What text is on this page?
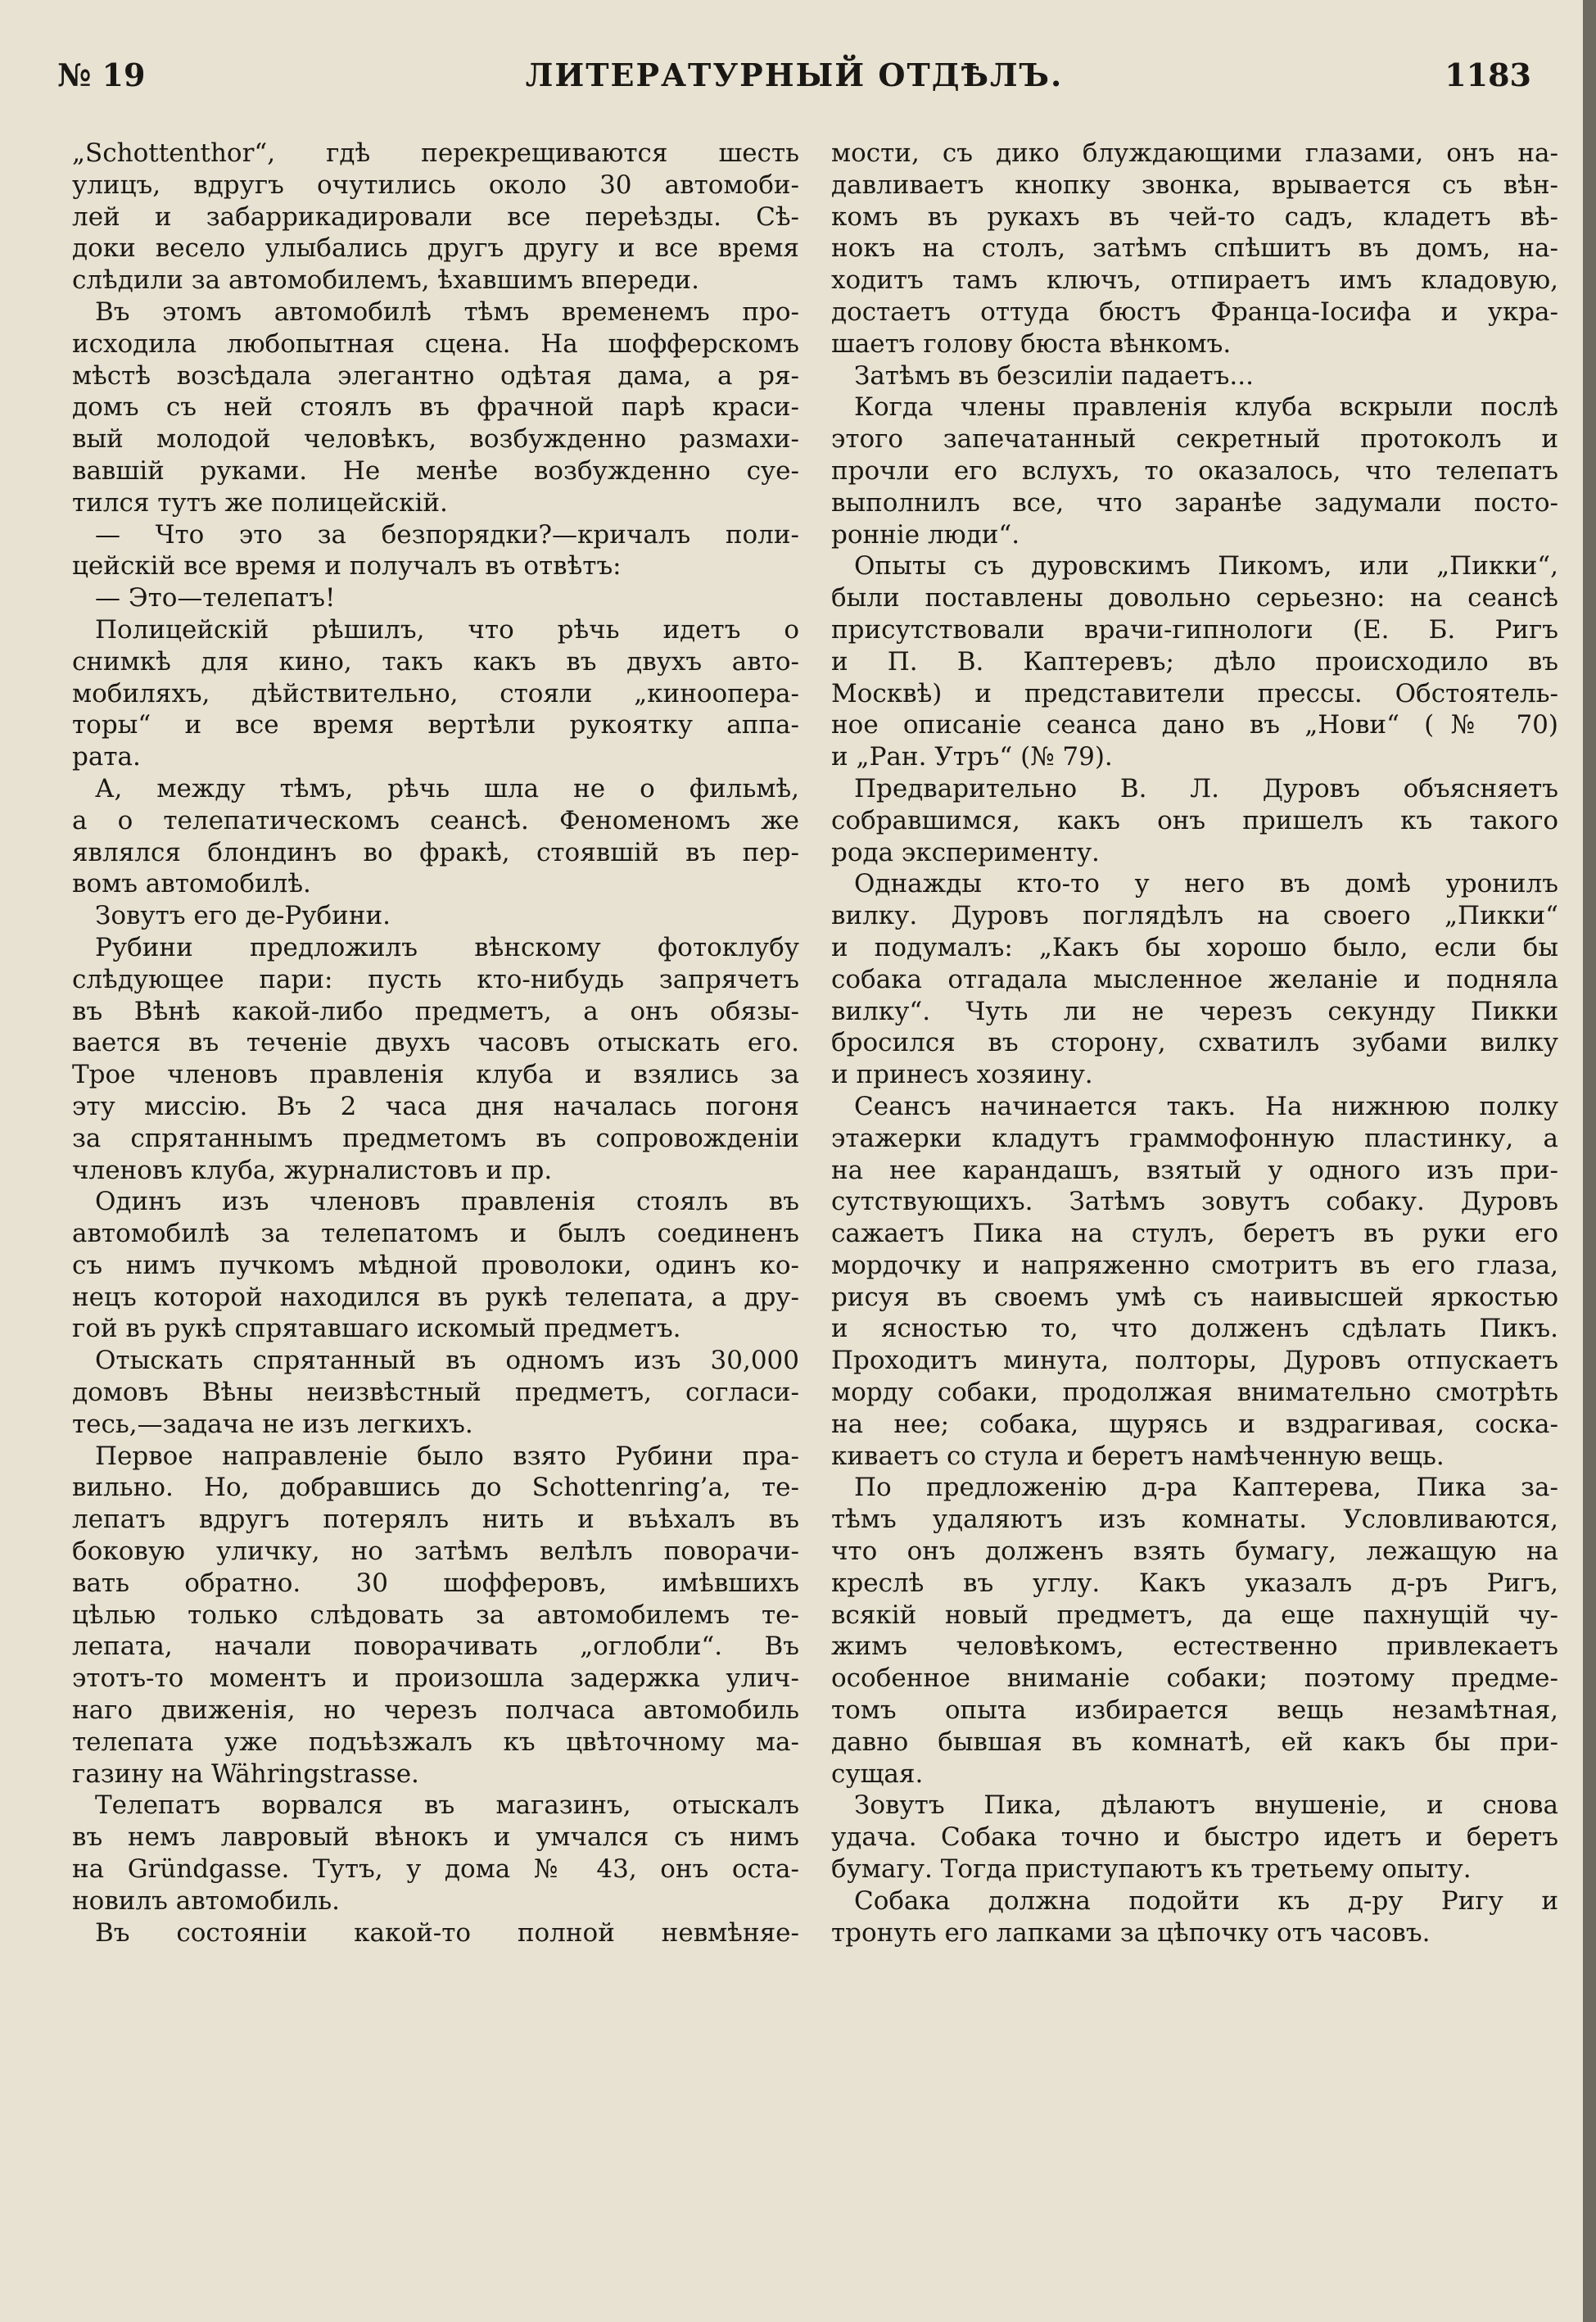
ЛИТЕРАТУРНЫЙ ОТДѢЛЪ.
№ 19	1183
„Schottenthor“, гдѣ перекрещиваются шесть
улицъ, вдругъ очутились около 30 автомоби-
лей и забаррикадировали все переѣзды. Сѣ-
доки весело улыбались другъ другу и все время
слѣдили за автомобилемъ, ѣхавшимъ впереди.
Въ этомъ автомобилѣ тѣмъ временемъ про-
исходила любопытная сцена. На шофферскомъ
мѣстѣ возсѣдала элегантно одѣтая дама, а ря-
домъ съ ней стоялъ въ фрачной парѣ краси-
вый молодой человѣкъ, возбужденно размахи-
вавшій руками. Не менѣе возбужденно суе-
тился тутъ же полицейскій.
— Что это за безпорядки?—кричалъ поли-
цейскій все время и получалъ въ отвѣтъ:
— Это—телепатъ!
Полицейскій рѣшилъ, что рѣчь идетъ о
снимкѣ для кино, такъ какъ въ двухъ авто-
мобиляхъ, дѣйствительно, стояли „кинооперa-
торы“ и все время вертѣли рукоятку аппа-
рата.
А, между тѣмъ, рѣчь шла не о фильмѣ,
а о телепатическомъ сеансѣ. Феноменомъ же
являлся блондинъ во фракѣ, стоявшій въ пер-
вомъ автомобилѣ.
Зовутъ его де-Рубини.
Рубини предложилъ вѣнскому фотоклубу
слѣдующее пари: пусть кто-нибудь запрячетъ
въ Вѣнѣ какой-либо предметъ, а онъ обязы-
вается въ теченіе двухъ часовъ отыскать его.
Трое членовъ правленія клуба и взялись за
эту миссію. Въ 2 часа дня началась погоня
за спрятаннымъ предметомъ въ сопровожденіи
членовъ клуба, журналистовъ и пр.
Одинъ изъ членовъ правленія стоялъ въ
автомобилѣ за телепатомъ и былъ соединенъ
съ нимъ пучкомъ мѣдной проволоки, одинъ ко-
нецъ которой находился въ рукѣ телепата, а дру-
гой въ рукѣ спрятавшаго искомый предметъ.
Отыскать спрятанный въ одномъ изъ 30,000
домовъ Вѣны неизвѣстный предметъ, согласи-
тесь,—задача не изъ легкихъ.
Первое направленіе было взято Рубини пра-
вильно. Но, добравшись до Schottenring’a, те-
лепатъ вдругъ потерялъ нить и въѣхалъ въ
боковую уличку, но затѣмъ велѣлъ поворачи-
вать обратно. 30 шофферовъ, имѣвшихъ
цѣлью только слѣдовать за автомобилемъ те-
лепата, начали поворачивать „оглобли“. Въ
этотъ-то моментъ и произошла задержка улич-
наго движенія, но черезъ полчаса автомобиль
телепата уже подъѣзжалъ къ цвѣточному ма-
газину на Währingstrasse.
Телепатъ ворвался въ магазинъ, отыскалъ
въ немъ лавровый вѣнокъ и умчался съ нимъ
на Gründgasse. Тутъ, у дома № 43, онъ оста-
новилъ автомобиль.
Въ состояніи какой-то полной невмѣняе-
мости, съ дико блуждающими глазами, онъ на-
давливаетъ кнопку звонка, врывается съ вѣн-
комъ въ рукахъ въ чей-то садъ, кладетъ вѣ-
нокъ на столъ, затѣмъ спѣшитъ въ домъ, на-
ходитъ тамъ ключъ, отпираетъ имъ кладовую,
достаетъ оттуда бюстъ Франца-Іосифа и укра-
шаетъ голову бюста вѣнкомъ.
Затѣмъ въ безсиліи падаетъ...
Когда члены правленія клуба вскрыли послѣ
этого запечатанный секретный протоколъ и
прочли его вслухъ, то оказалось, что телепатъ
выполнилъ все, что заранѣе задумали посто-
ронніе люди“.
Опыты съ дуровскимъ Пикомъ, или „Пикки“,
были поставлены довольно серьезно: на сеансѣ
присутствовали врачи-гипнологи (Е. Б. Ригъ
и П. В. Каптеревъ; дѣло происходило въ
Москвѣ) и представители прессы. Обстоятель-
ное описаніе сеанса дано въ „Нови“ (№ 70)
и „Ран. Утръ“ (№ 79).
Предварительно В. Л. Дуровъ объясняетъ
собравшимся, какъ онъ пришелъ къ такого
рода эксперименту.
Однажды кто-то у него въ домѣ уронилъ
вилку. Дуровъ поглядѣлъ на своего „Пикки“
и подумалъ: „Какъ бы хорошо было, если бы
собака отгадала мысленное желаніе и подняла
вилку“. Чуть ли не черезъ секунду Пикки
бросился въ сторону, схватилъ зубами вилку
и принесъ хозяину.
Сеансъ начинается такъ. На нижнюю полку
этажерки кладутъ граммофонную пластинку, а
на нее карандашъ, взятый у одного изъ при-
сутствующихъ. Затѣмъ зовутъ собаку. Дуровъ
сажаетъ Пика на стулъ, беретъ въ руки его
мордочку и напряженно смотритъ въ его глаза,
рисуя въ своемъ умѣ съ наивысшей яркостью
и ясностью то, что долженъ сдѣлать Пикъ.
Проходитъ минута, полторы, Дуровъ отпускаетъ
морду собаки, продолжая внимательно смотрѣть
на нее; собака, щурясь и вздрагивая, соска-
киваетъ со стула и беретъ намѣченную вещь.
По предложенію д-ра Каптерева, Пика за-
тѣмъ удаляютъ изъ комнаты. Условливаются,
что онъ долженъ взять бумагу, лежащую на
креслѣ въ углу. Какъ указалъ д-ръ Ригъ,
всякій новый предметъ, да еще пахнущій чу-
жимъ человѣкомъ, естественно привлекаетъ
особенное вниманіе собаки; поэтому предме-
томъ опыта избирается вещь незамѣтная,
давно бывшая въ комнатѣ, ей какъ бы при-
сущая.
Зовутъ Пика, дѣлаютъ внушеніе, и снова
удача. Собака точно и быстро идетъ и беретъ
бумагу. Тогда приступаютъ къ третьему опыту.
Собака должна подойти къ д-ру Ригу и
тронуть его лапками за цѣпочку отъ часовъ.
